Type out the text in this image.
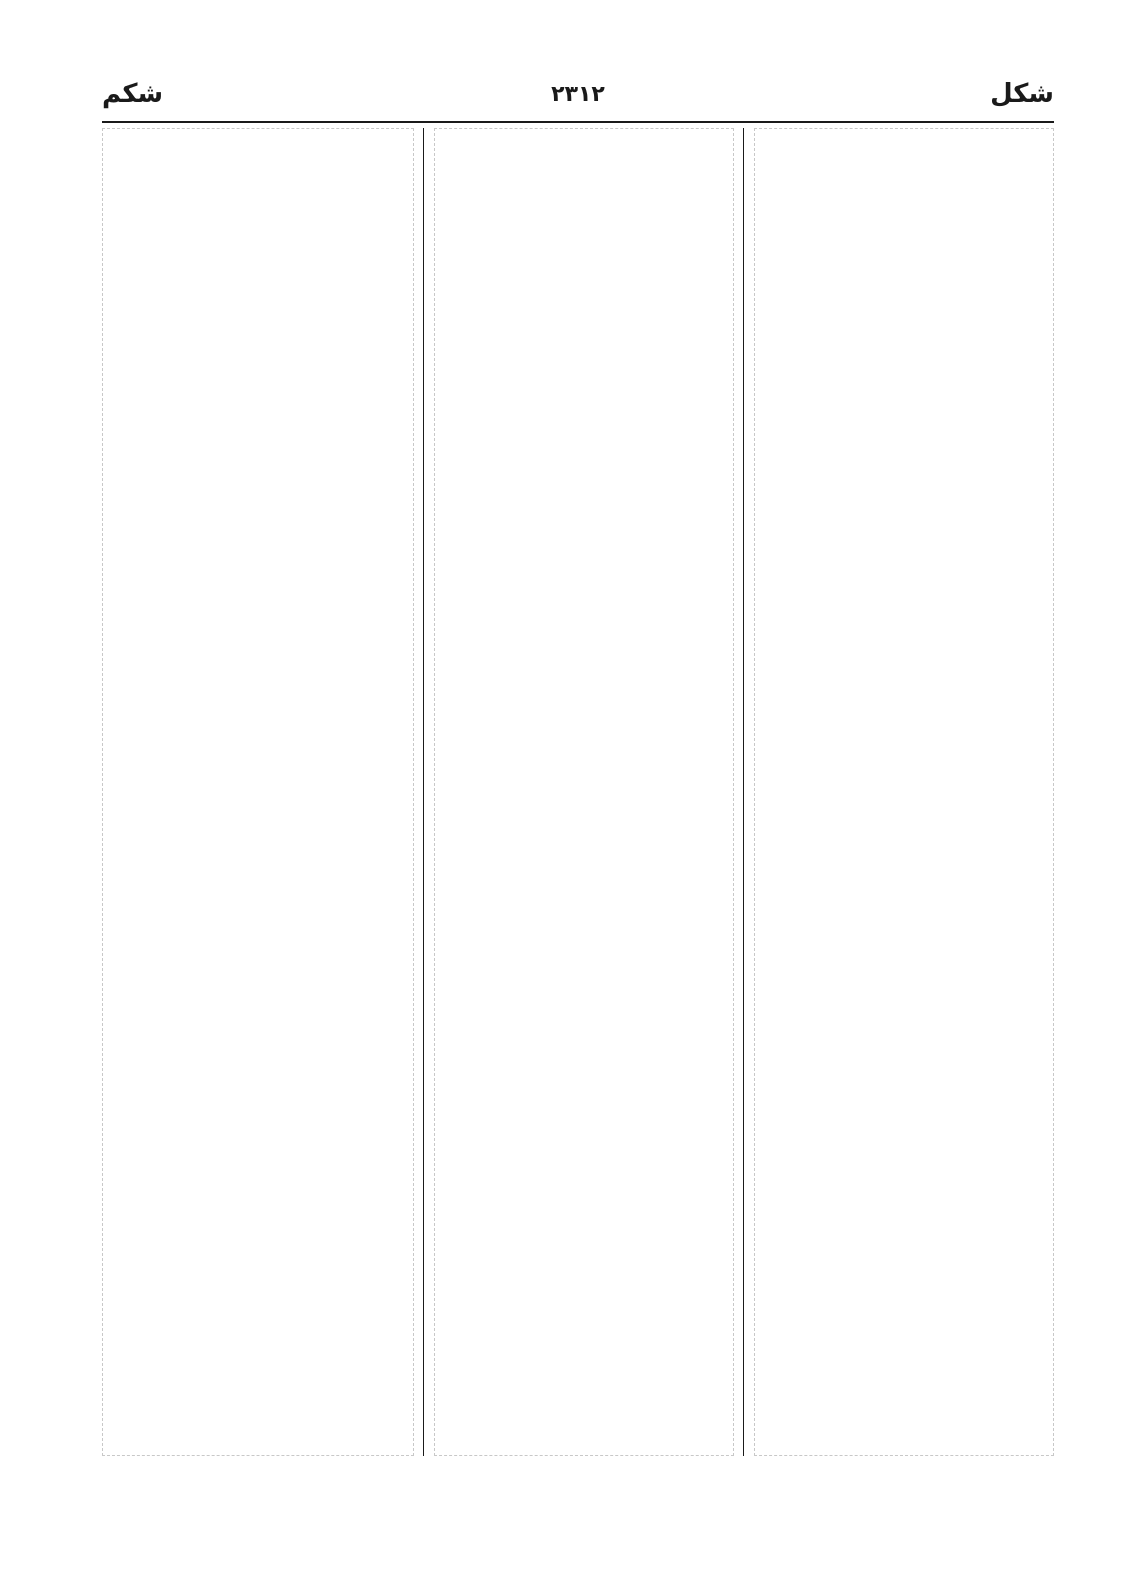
شكل
٢٣١٢
شكم
